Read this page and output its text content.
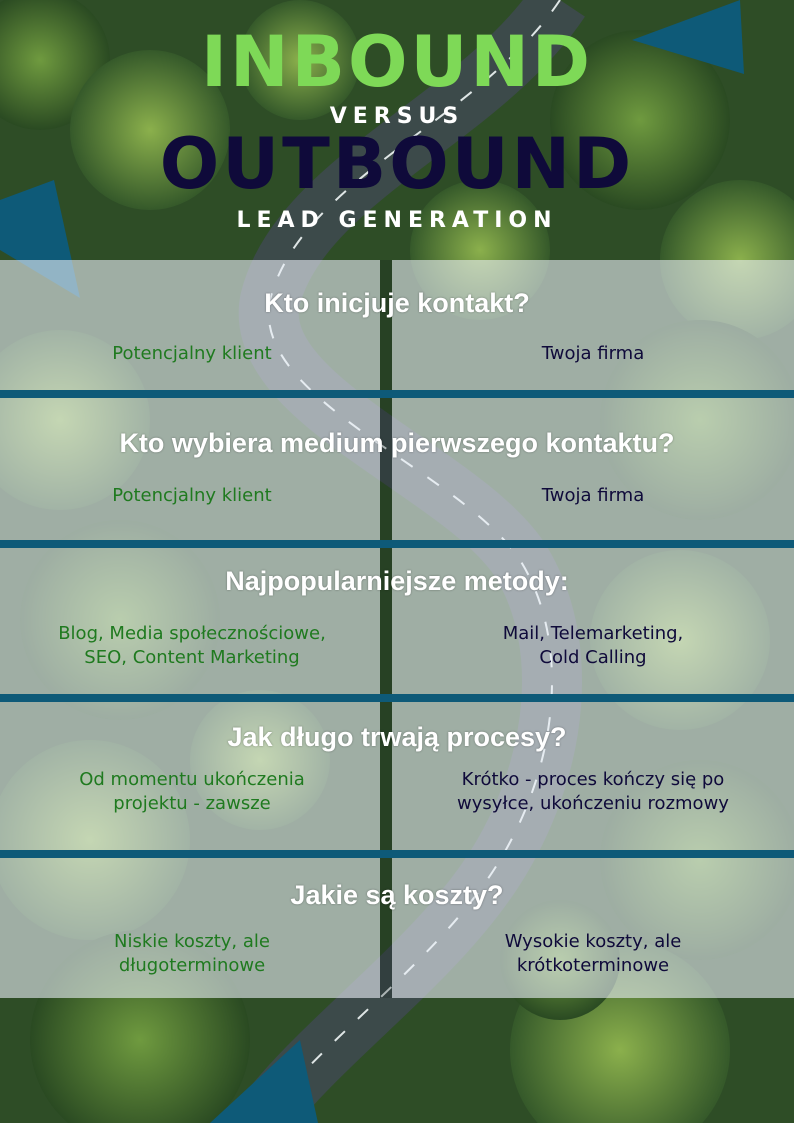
INBOUND
VERSUS
OUTBOUND
LEAD GENERATION
Kto inicjuje kontakt?
Potencjalny klient	Twoja firma
Kto wybiera medium pierwszego kontaktu?
Potencjalny klient	Twoja firma
Najpopularniejsze metody:
Blog, Media społecznościowe,
SEO, Content Marketing
Mail, Telemarketing,
Cold Calling
Jak długo trwają procesy?
Od momentu ukończenia
projektu - zawsze
Krótko - proces kończy się po
wysyłce, ukończeniu rozmowy
Jakie są koszty?
Niskie koszty, ale
długoterminowe
Wysokie koszty, ale
krótkoterminowe
